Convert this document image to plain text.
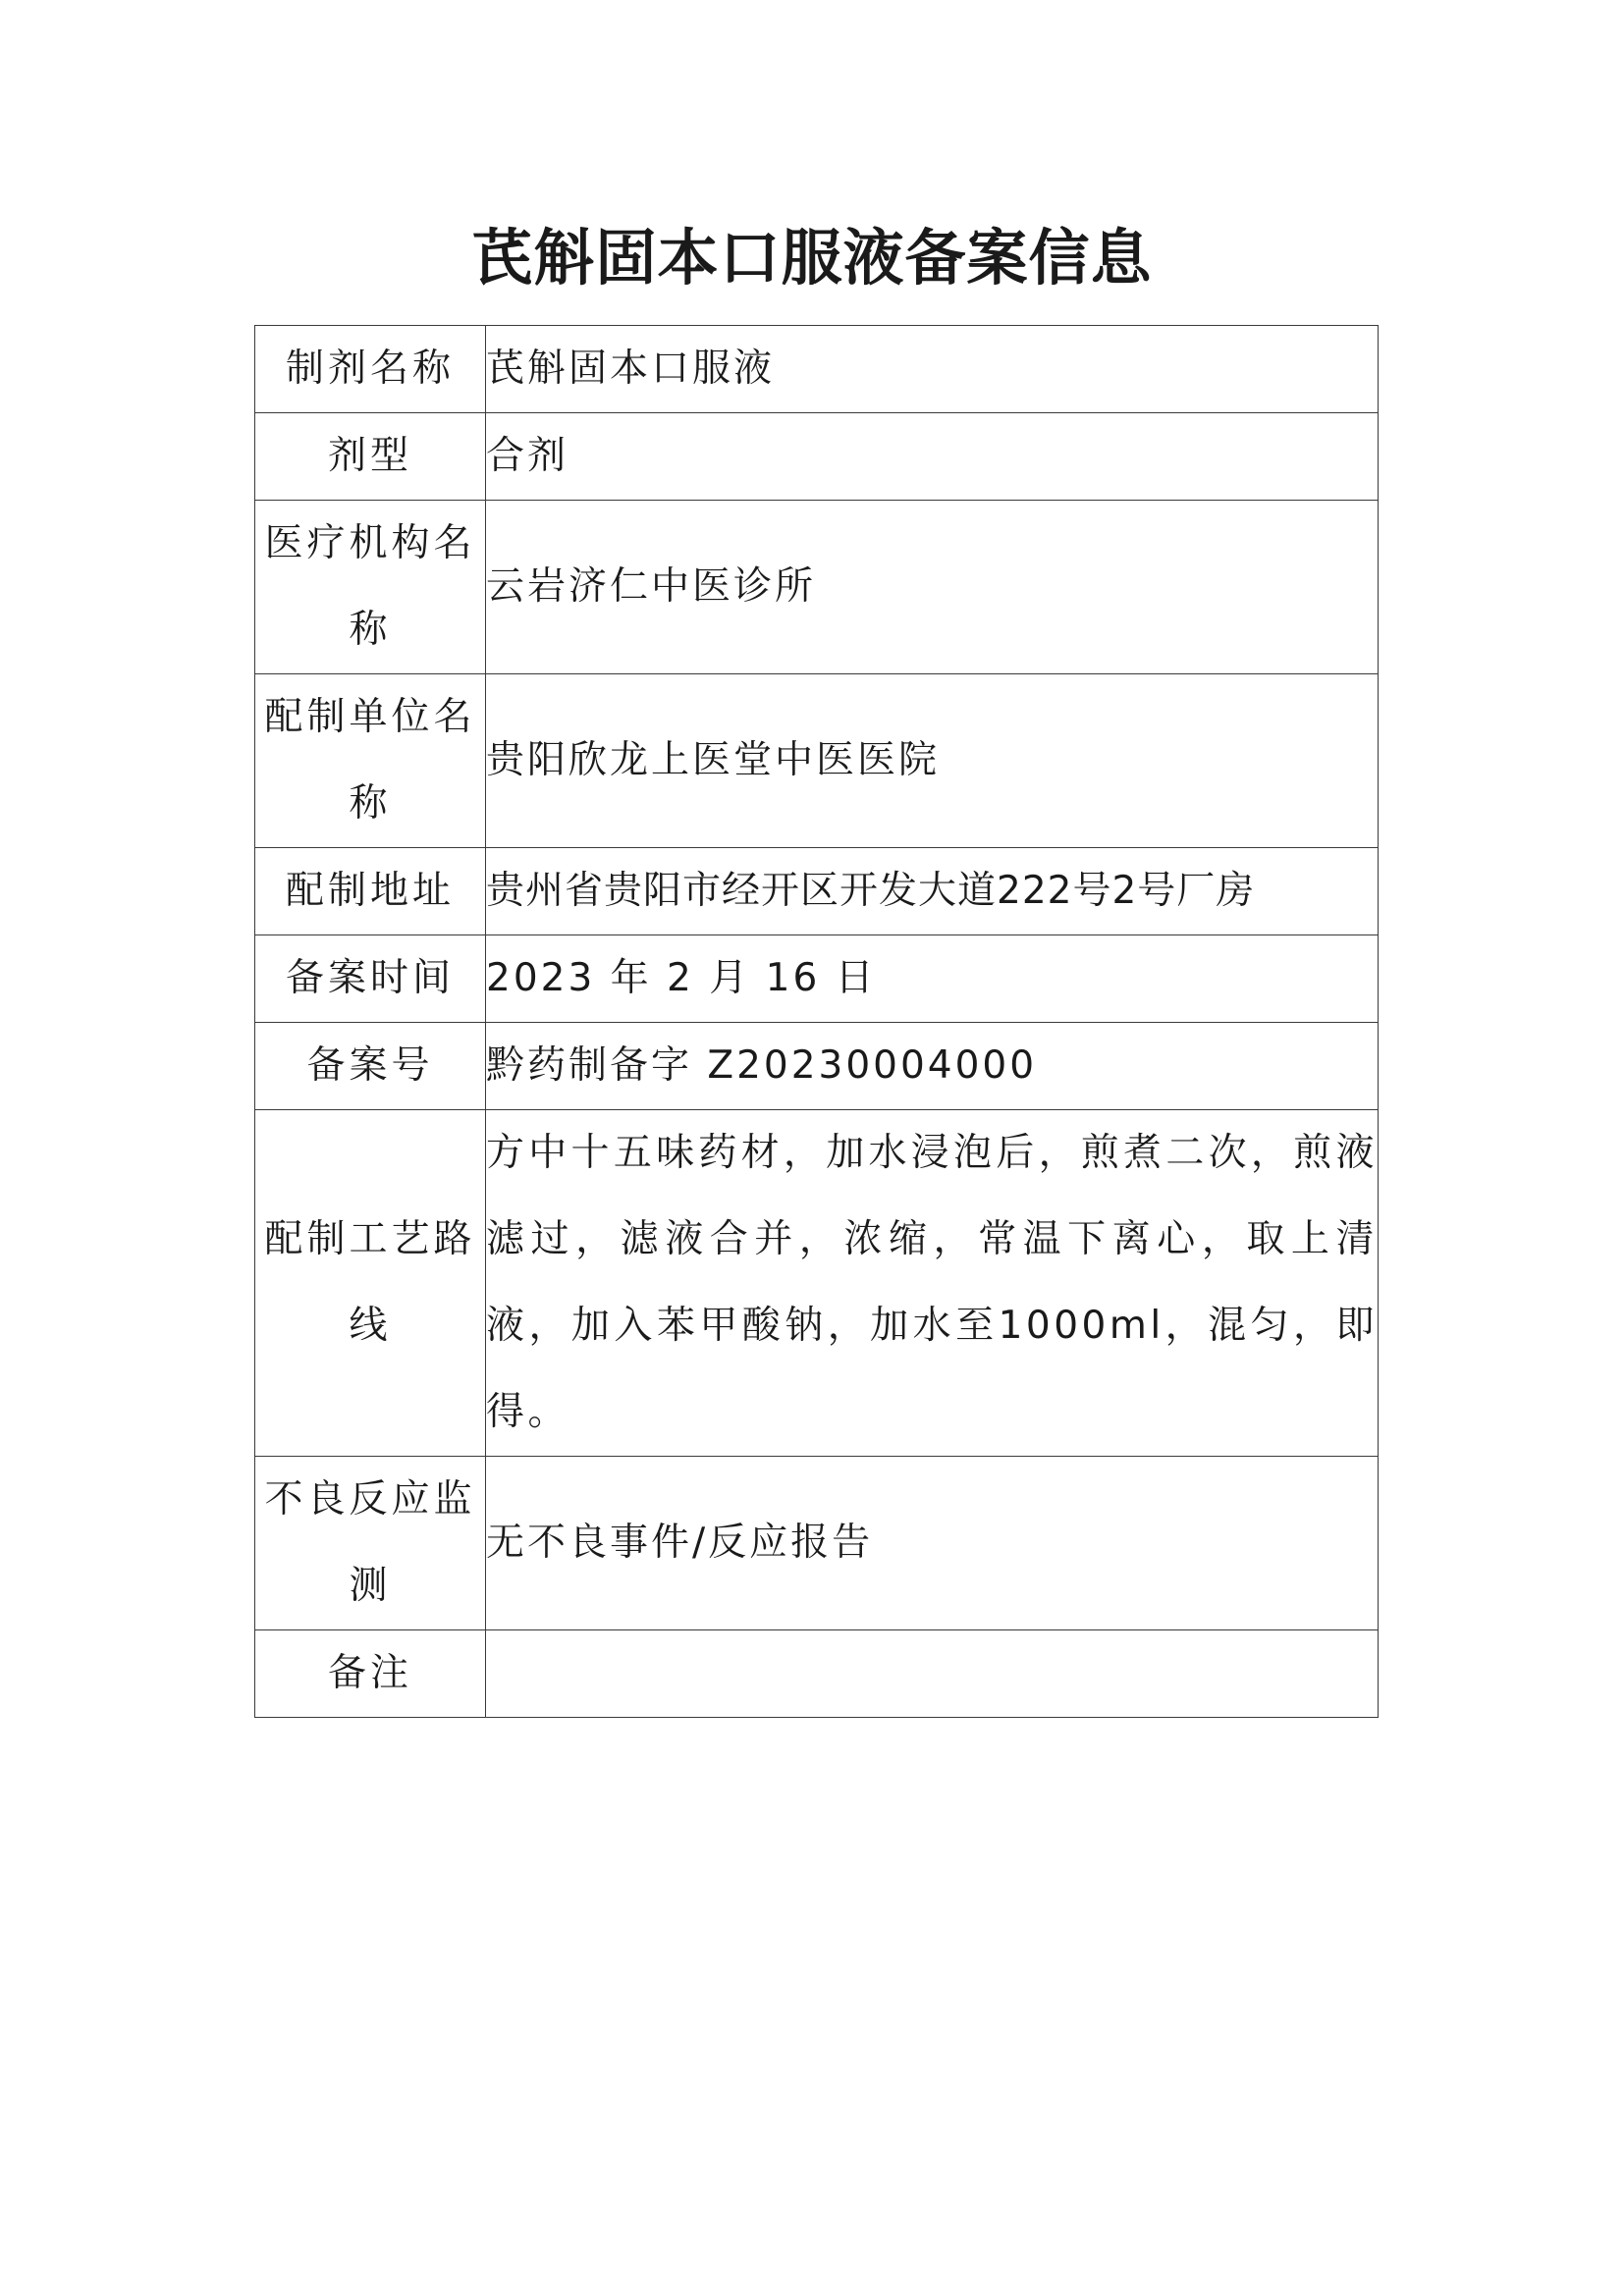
芪斛固本口服液备案信息
制剂名称	芪斛固本口服液
剂型	合剂
医疗机构名称	云岩济仁中医诊所
配制单位名称	贵阳欣龙上医堂中医医院
配制地址	贵州省贵阳市经开区开发大道222号2号厂房
备案时间	2023 年 2 月 16 日
备案号	黔药制备字 Z20230004000
配制工艺路线	方中十五味药材，加水浸泡后，煎煮二次，煎液滤过，滤液合并，浓缩，常温下离心，取上清液，加入苯甲酸钠，加水至1000ml，混匀，即得。
不良反应监测	无不良事件/反应报告
备注	
